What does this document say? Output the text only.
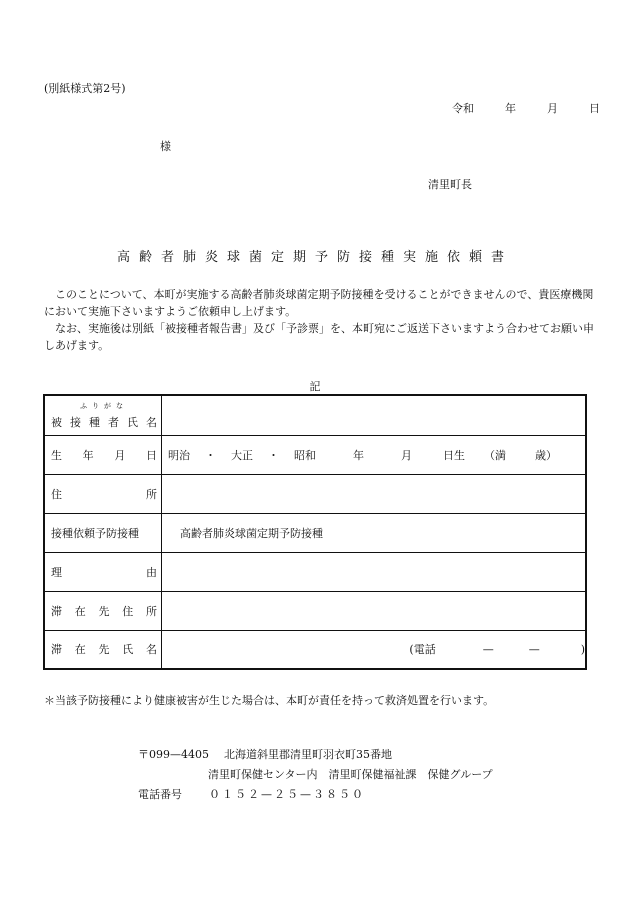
(別紙様式第2号)
令和	年	月	日
様
清里町長
高齢者肺炎球菌定期予防接種実施依頼書

　このことについて、本町が実施する高齢者肺炎球菌定期予防接種を受けることができませんので、貴医療機関において実施下さいますようご依頼申し上げます。

　なお、実施後は別紙「被接種者報告書」及び「予診票」を、本町宛にご返送下さいますよう合わせてお願い申しあげます。

記
ふりがな
被接種者氏名	

生年月日	明治 ・ 大正 ・ 昭和 年 月 日生 （満 歳）
住所	
接種依頼予防接種	高齢者肺炎球菌定期予防接種
理由	
滞在先住所	
滞在先氏名	(電話 — — )
＊当該予防接種により健康被害が生じた場合は、本町が責任を持って救済処置を行います。
〒099—4405 北海道斜里郡清里町羽衣町35番地
清里町保健センター内　清里町保健福祉課　保健グループ
電話番号 ０１５２—２５—３８５０
